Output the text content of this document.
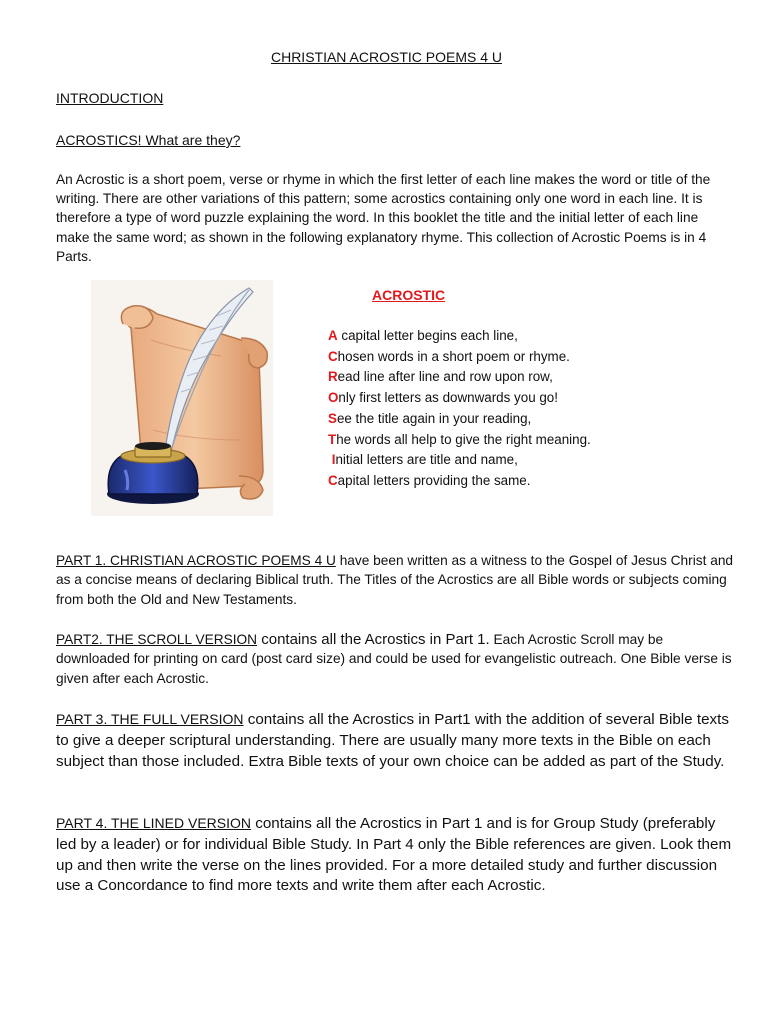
CHRISTIAN ACROSTIC POEMS 4 U
INTRODUCTION
ACROSTICS! What are they?
An Acrostic is a short poem, verse or rhyme in which the first letter of each line makes the word or title of the writing. There are other variations of this pattern; some acrostics containing only one word in each line. It is therefore a type of word puzzle explaining the word. In this booklet the title and the initial letter of each line make the same word; as shown in the following explanatory rhyme. This collection of Acrostic Poems is in 4 Parts.
ACROSTIC
A capital letter begins each line,
Chosen words in a short poem or rhyme.
Read line after line and row upon row,
Only first letters as downwards you go!
See the title again in your reading,
The words all help to give the right meaning.
Initial letters are title and name,
Capital letters providing the same.
PART 1. CHRISTIAN ACROSTIC POEMS 4 U have been written as a witness to the Gospel of Jesus Christ and as a concise means of declaring Biblical truth. The Titles of the Acrostics are all Bible words or subjects coming from both the Old and New Testaments.
PART2. THE SCROLL VERSION contains all the Acrostics in Part 1. Each Acrostic Scroll may be downloaded for printing on card (post card size) and could be used for evangelistic outreach. One Bible verse is given after each Acrostic.
PART 3. THE FULL VERSION contains all the Acrostics in Part1 with the addition of several Bible texts to give a deeper scriptural understanding. There are usually many more texts in the Bible on each subject than those included. Extra Bible texts of your own choice can be added as part of the Study.
PART 4. THE LINED VERSION contains all the Acrostics in Part 1 and is for Group Study (preferably led by a leader) or for individual Bible Study. In Part 4 only the Bible references are given. Look them up and then write the verse on the lines provided. For a more detailed study and further discussion use a Concordance to find more texts and write them after each Acrostic.
